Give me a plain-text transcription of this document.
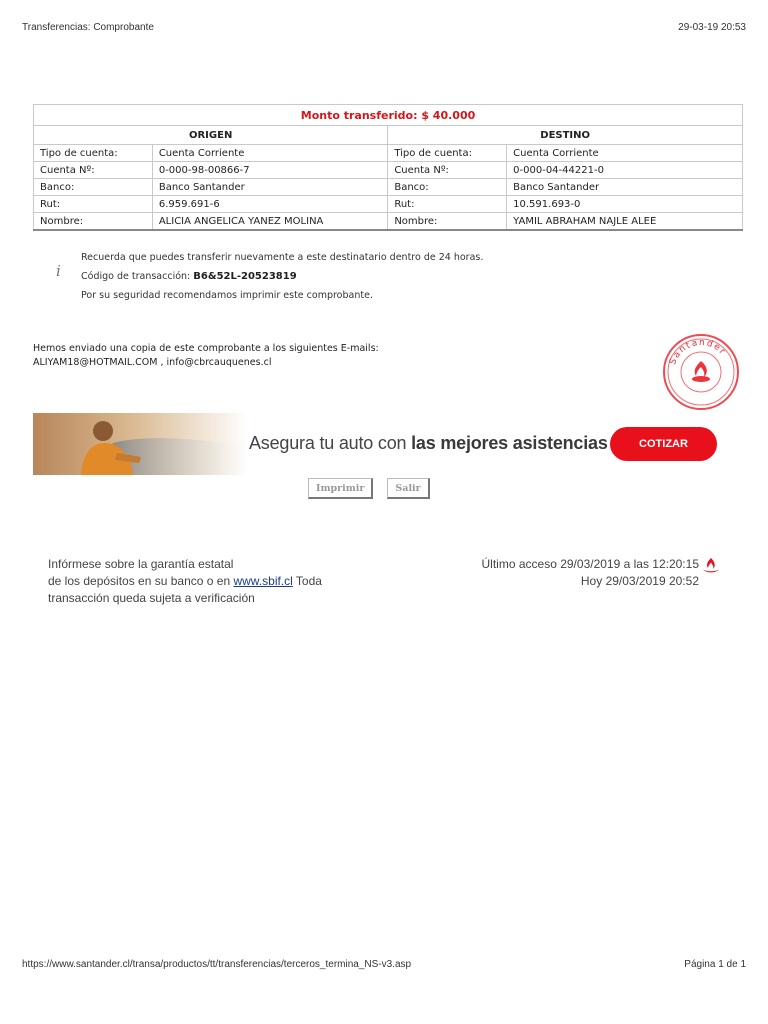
Transferencias: Comprobante	29-03-19 20:53
Monto transferido: $ 40.000			
ORIGEN		DESTINO	
Tipo de cuenta:	Cuenta Corriente	Tipo de cuenta:	Cuenta Corriente
Cuenta Nº:	0-000-98-00866-7	Cuenta Nº:	0-000-04-44221-0
Banco:	Banco Santander	Banco:	Banco Santander
Rut:	6.959.691-6	Rut:	10.591.693-0
Nombre:	ALICIA ANGELICA YANEZ MOLINA	Nombre:	YAMIL ABRAHAM NAJLE ALEE
i
Recuerda que puedes transferir nuevamente a este destinatario dentro de 24 horas.
Código de transacción: B6&52L-20523819
Por su seguridad recomendamos imprimir este comprobante.
Hemos enviado una copia de este comprobante a los siguientes E-mails:
ALIYAM18@HOTMAIL.COM , info@cbrcauquenes.cl	Santander
Asegura tu auto con las mejores asistencias	COTIZAR
Imprimir	Salir
Infórmese sobre la garantía estatal
de los depósitos en su banco o en www.sbif.cl Toda
transacción queda sujeta a verificación
Último acceso 29/03/2019 a las 12:20:15
Hoy 29/03/2019 20:52
https://www.santander.cl/transa/productos/tt/transferencias/terceros_termina_NS-v3.asp	Página 1 de 1
